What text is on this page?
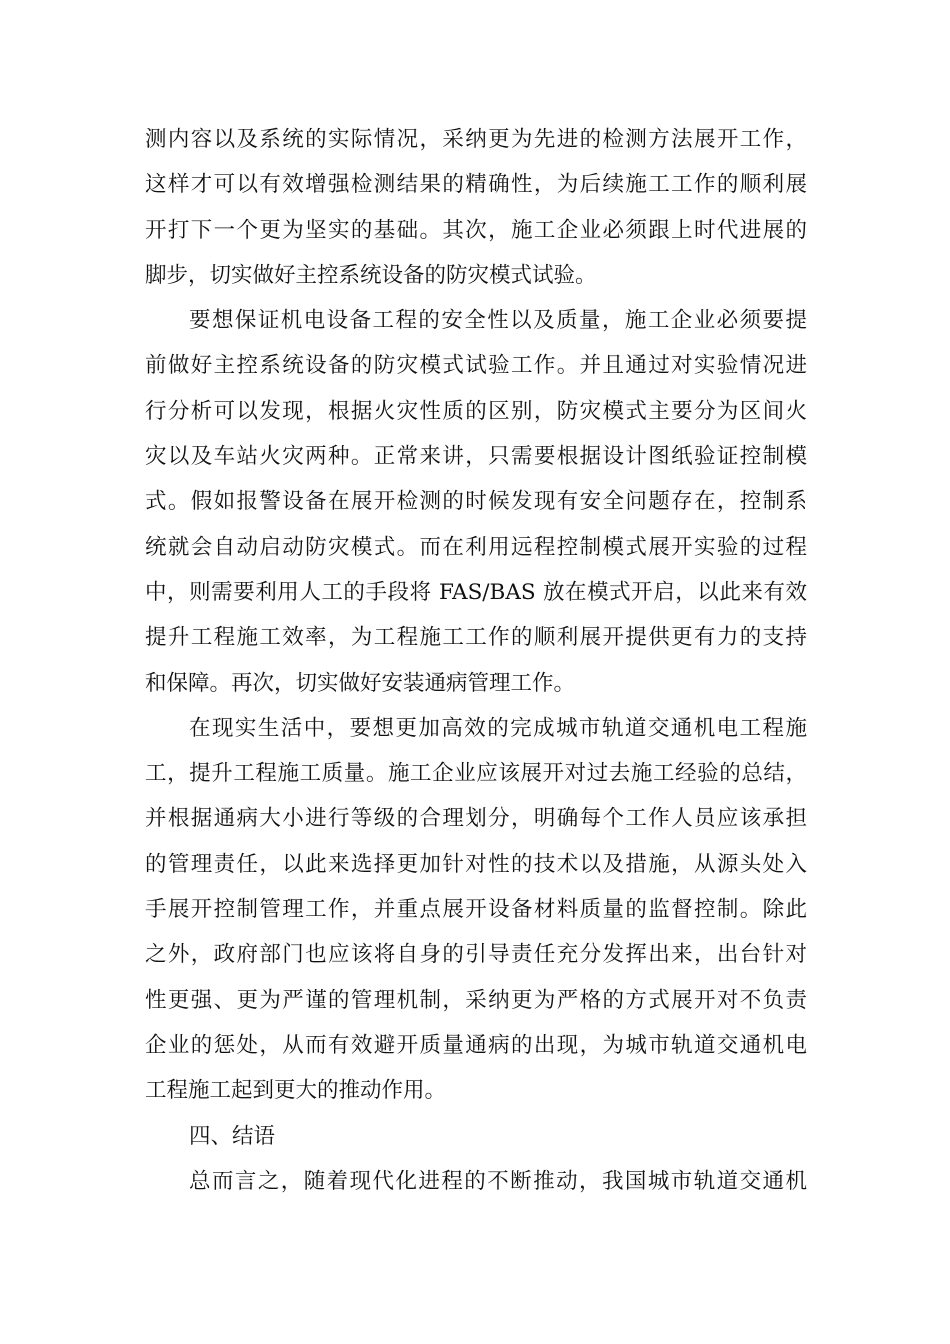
测内容以及系统的实际情况，采纳更为先进的检测方法展开工作，
这样才可以有效增强检测结果的精确性，为后续施工工作的顺利展
开打下一个更为坚实的基础。其次，施工企业必须跟上时代进展的
脚步，切实做好主控系统设备的防灾模式试验。
要想保证机电设备工程的安全性以及质量，施工企业必须要提
前做好主控系统设备的防灾模式试验工作。并且通过对实验情况进
行分析可以发现，根据火灾性质的区别，防灾模式主要分为区间火
灾以及车站火灾两种。正常来讲，只需要根据设计图纸验证控制模
式。假如报警设备在展开检测的时候发现有安全问题存在，控制系
统就会自动启动防灾模式。而在利用远程控制模式展开实验的过程
中，则需要利用人工的手段将 FAS/BAS 放在模式开启，以此来有效
提升工程施工效率，为工程施工工作的顺利展开提供更有力的支持
和保障。再次，切实做好安装通病管理工作。
在现实生活中，要想更加高效的完成城市轨道交通机电工程施
工，提升工程施工质量。施工企业应该展开对过去施工经验的总结，
并根据通病大小进行等级的合理划分，明确每个工作人员应该承担
的管理责任，以此来选择更加针对性的技术以及措施，从源头处入
手展开控制管理工作，并重点展开设备材料质量的监督控制。除此
之外，政府部门也应该将自身的引导责任充分发挥出来，出台针对
性更强、更为严谨的管理机制，采纳更为严格的方式展开对不负责
企业的惩处，从而有效避开质量通病的出现，为城市轨道交通机电
工程施工起到更大的推动作用。
四、结语
总而言之，随着现代化进程的不断推动，我国城市轨道交通机
